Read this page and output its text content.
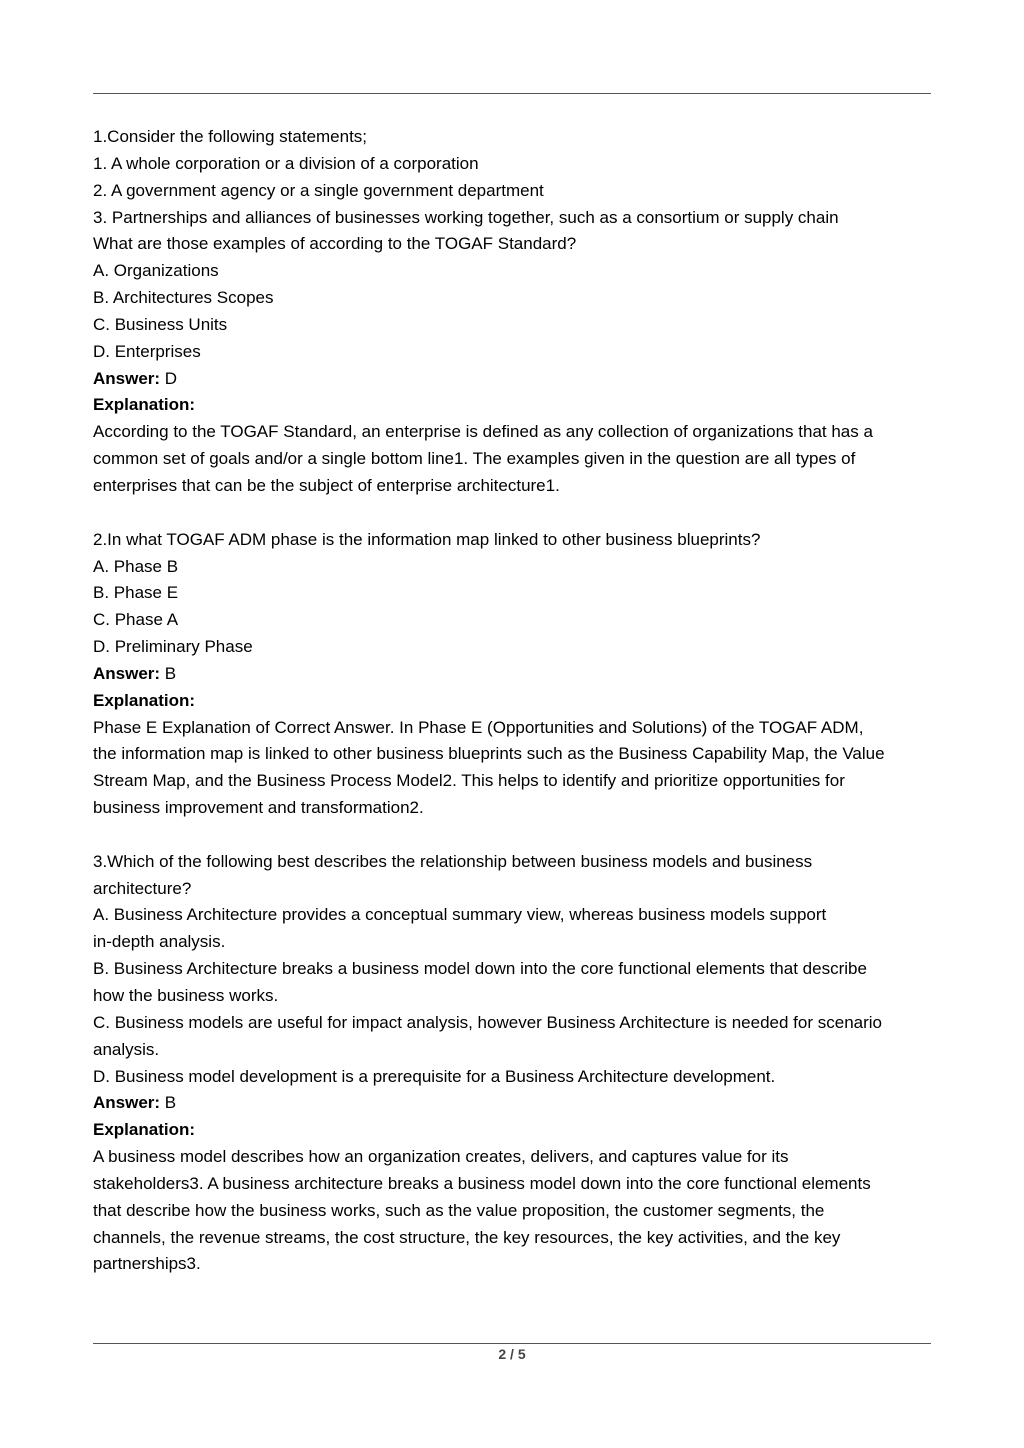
1.Consider the following statements;
1. A whole corporation or a division of a corporation
2. A government agency or a single government department
3. Partnerships and alliances of businesses working together, such as a consortium or supply chain
What are those examples of according to the TOGAF Standard?
A. Organizations
B. Architectures Scopes
C. Business Units
D. Enterprises
Answer: D
Explanation:
According to the TOGAF Standard, an enterprise is defined as any collection of organizations that has a
common set of goals and/or a single bottom line1. The examples given in the question are all types of
enterprises that can be the subject of enterprise architecture1.
2.In what TOGAF ADM phase is the information map linked to other business blueprints?
A. Phase B
B. Phase E
C. Phase A
D. Preliminary Phase
Answer: B
Explanation:
Phase E Explanation of Correct Answer. In Phase E (Opportunities and Solutions) of the TOGAF ADM,
the information map is linked to other business blueprints such as the Business Capability Map, the Value
Stream Map, and the Business Process Model2. This helps to identify and prioritize opportunities for
business improvement and transformation2.
3.Which of the following best describes the relationship between business models and business
architecture?
A. Business Architecture provides a conceptual summary view, whereas business models support
in-depth analysis.
B. Business Architecture breaks a business model down into the core functional elements that describe
how the business works.
C. Business models are useful for impact analysis, however Business Architecture is needed for scenario
analysis.
D. Business model development is a prerequisite for a Business Architecture development.
Answer: B
Explanation:
A business model describes how an organization creates, delivers, and captures value for its
stakeholders3. A business architecture breaks a business model down into the core functional elements
that describe how the business works, such as the value proposition, the customer segments, the
channels, the revenue streams, the cost structure, the key resources, the key activities, and the key
partnerships3.
2 / 5
